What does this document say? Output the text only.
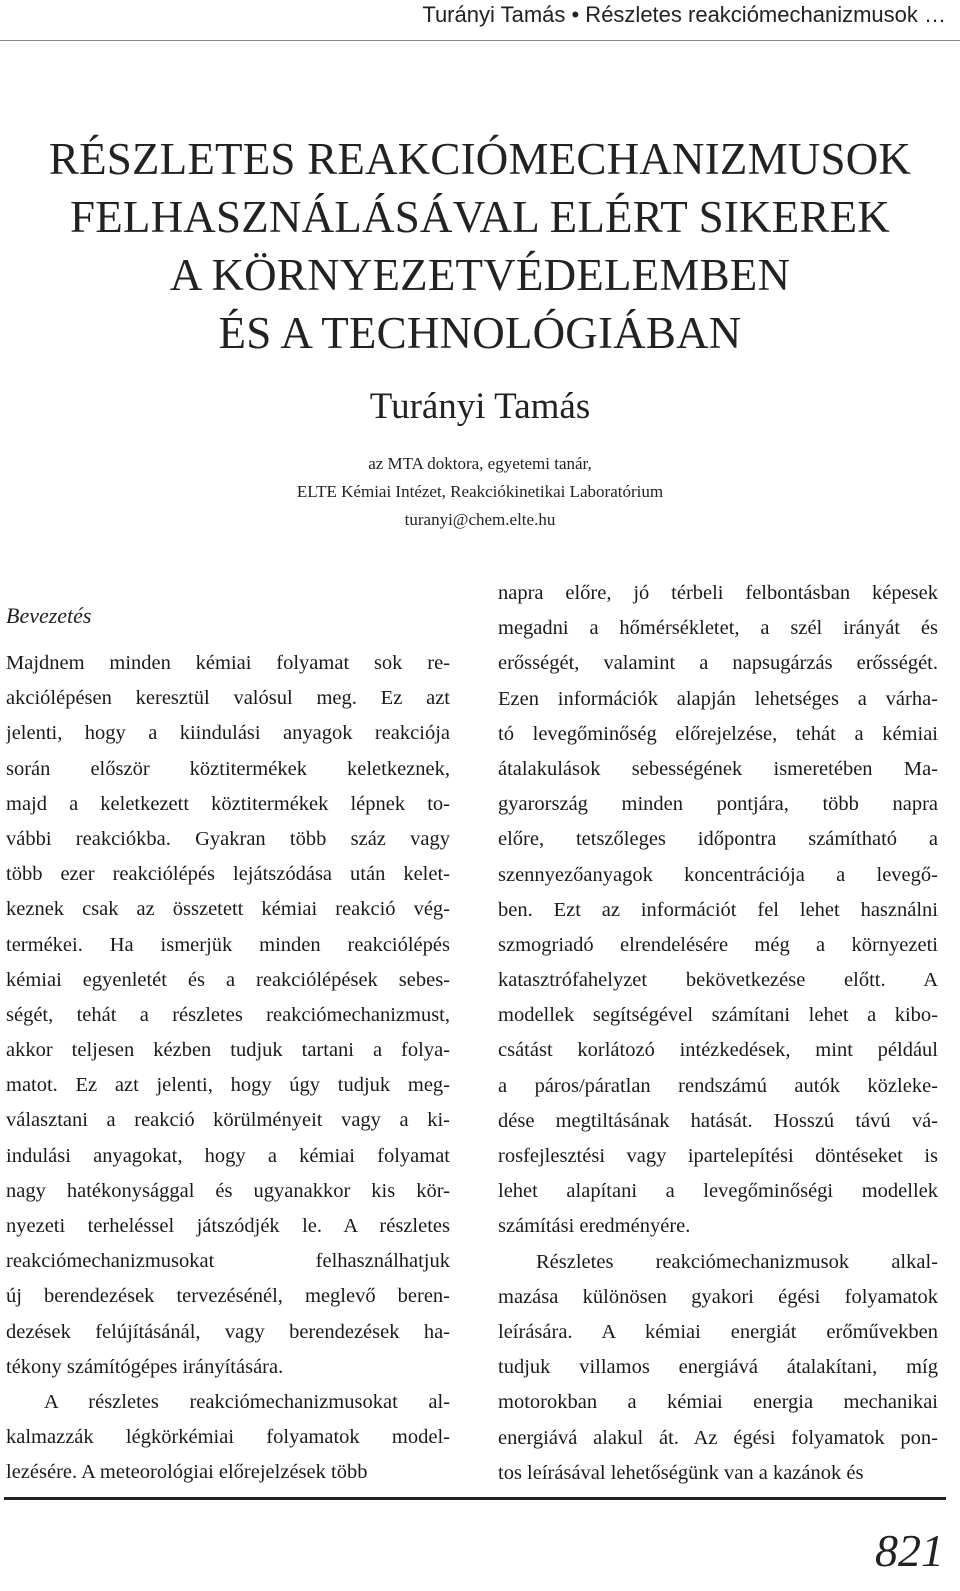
Turányi Tamás • Részletes reakciómechanizmusok …
RÉSZLETES REAKCIÓMECHANIZMUSOK
FELHASZNÁLÁSÁVAL ELÉRT SIKEREK
A KÖRNYEZETVÉDELEMBEN
ÉS A TECHNOLÓGIÁBAN
Turányi Tamás
az MTA doktora, egyetemi tanár,
ELTE Kémiai Intézet, Reakciókinetikai Laboratórium
turanyi@chem.elte.hu
Bevezetés
Majdnem minden kémiai folyamat sok re-
akciólépésen keresztül valósul meg. Ez azt
jelenti, hogy a kiindulási anyagok reakciója
során először köztitermékek keletkeznek,
majd a keletkezett köztitermékek lépnek to-
vábbi reakciókba. Gyakran több száz vagy
több ezer reakciólépés lejátszódása után kelet-
keznek csak az összetett kémiai reakció vég-
termékei. Ha ismerjük minden reakciólépés
kémiai egyenletét és a reakciólépések sebes-
ségét, tehát a részletes reakciómechanizmust,
akkor teljesen kézben tudjuk tartani a folya-
matot. Ez azt jelenti, hogy úgy tudjuk meg-
választani a reakció körülményeit vagy a ki-
indulási anyagokat, hogy a kémiai folyamat
nagy hatékonysággal és ugyanakkor kis kör-
nyezeti terheléssel játszódjék le. A részletes
reakciómechanizmusokat felhasználhatjuk
új berendezések tervezésénél, meglevő beren-
dezések felújításánál, vagy berendezések ha-
tékony számítógépes irányítására.
A részletes reakciómechanizmusokat al-
kalmazzák légkörkémiai folyamatok model-
lezésére. A meteorológiai előrejelzések több
napra előre, jó térbeli felbontásban képesek
megadni a hőmérsékletet, a szél irányát és
erősségét, valamint a napsugárzás erősségét.
Ezen információk alapján lehetséges a várha-
tó levegőminőség előrejelzése, tehát a kémiai
átalakulások sebességének ismeretében Ma-
gyarország minden pontjára, több napra
előre, tetszőleges időpontra számítható a
szennyezőanyagok koncentrációja a levegő-
ben. Ezt az információt fel lehet használni
szmogriadó elrendelésére még a környezeti
katasztrófahelyzet bekövetkezése előtt. A
modellek segítségével számítani lehet a kibo-
csátást korlátozó intézkedések, mint például
a páros/páratlan rendszámú autók közleke-
dése megtiltásának hatását. Hosszú távú vá-
rosfejlesztési vagy ipartelepítési döntéseket is
lehet alapítani a levegőminőségi modellek
számítási eredményére.
Részletes reakciómechanizmusok alkal-
mazása különösen gyakori égési folyamatok
leírására. A kémiai energiát erőművekben
tudjuk villamos energiává átalakítani, míg
motorokban a kémiai energia mechanikai
energiává alakul át. Az égési folyamatok pon-
tos leírásával lehetőségünk van a kazánok és
821
